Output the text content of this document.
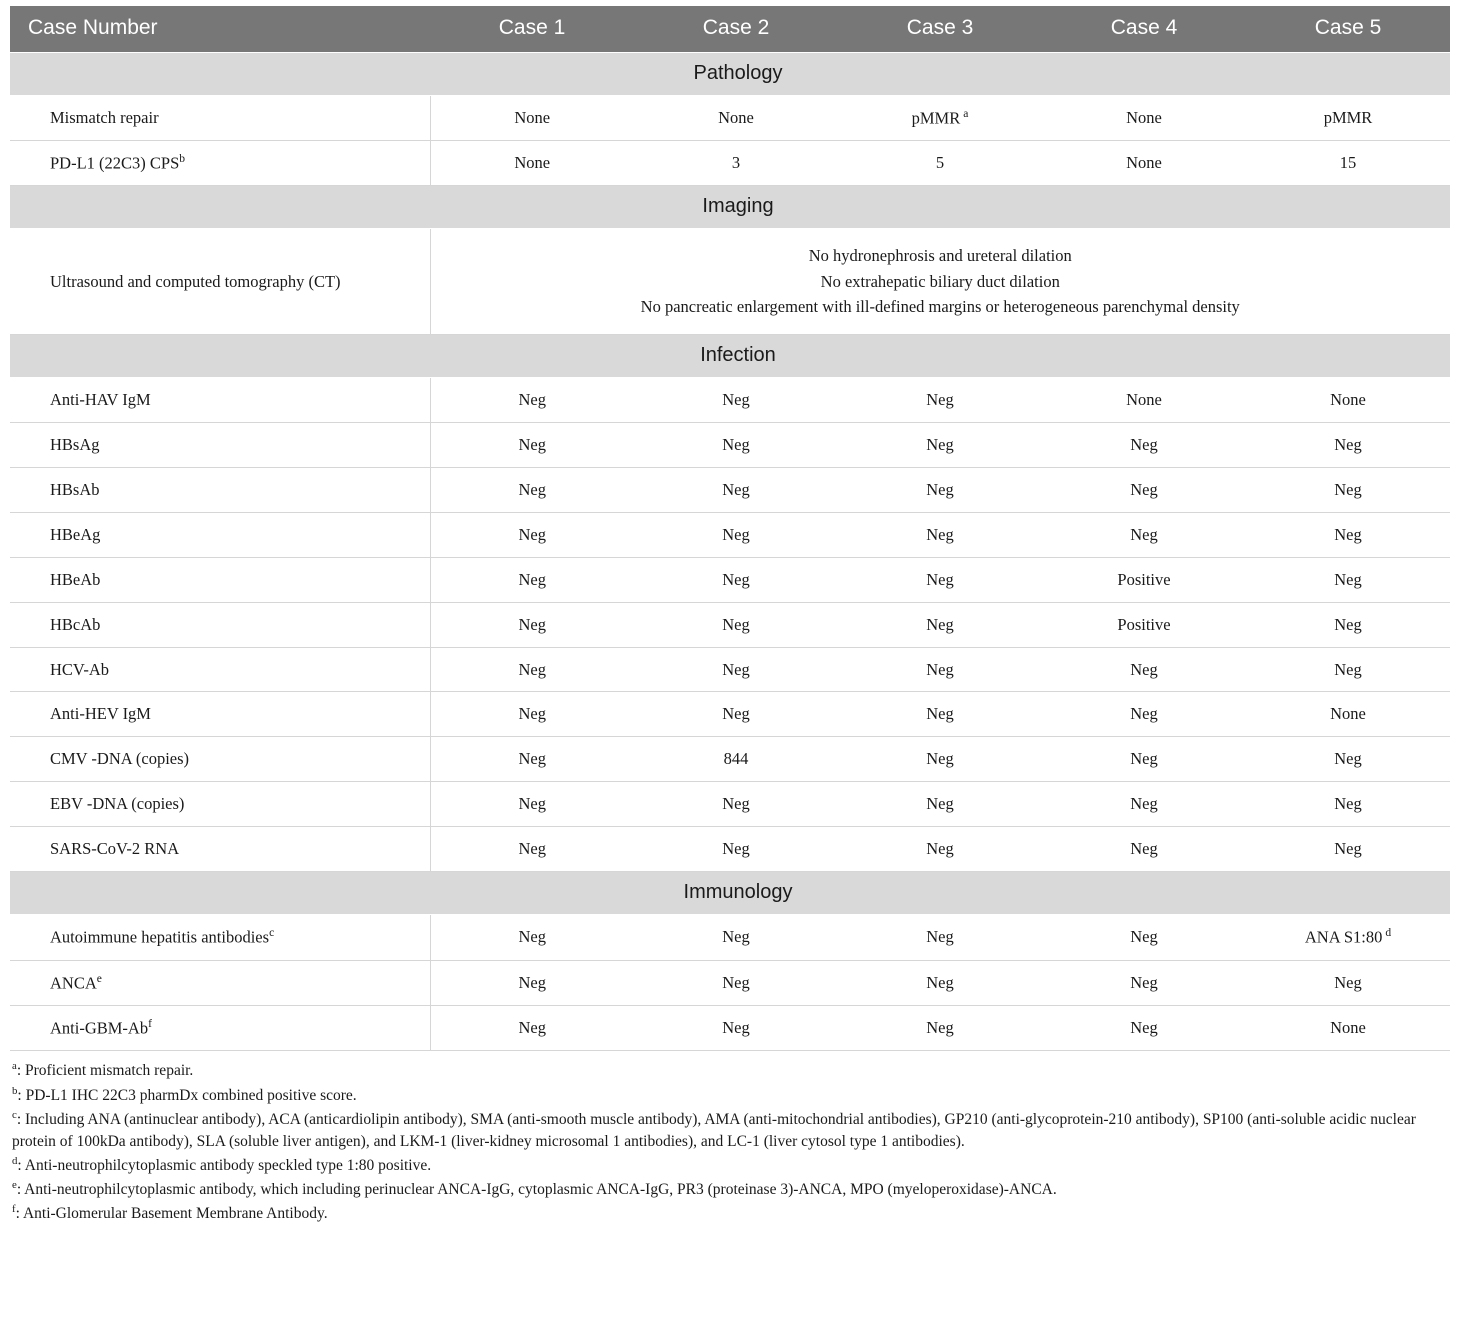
Case Number	Case 1	Case 2	Case 3	Case 4	Case 5
Pathology					
Mismatch repair	None	None	pMMR $^a$	None	pMMR
PD-L1 (22C3) CPS$^b$	None	3	5	None	15
Imaging					
Ultrasound and computed tomography (CT)	No hydronephrosis and ureteral dilation
No extrahepatic biliary duct dilation
No pancreatic enlargement with ill-defined margins or heterogeneous parenchymal density				
Infection					
Anti-HAV IgM	Neg	Neg	Neg	None	None
HBsAg	Neg	Neg	Neg	Neg	Neg
HBsAb	Neg	Neg	Neg	Neg	Neg
HBeAg	Neg	Neg	Neg	Neg	Neg
HBeAb	Neg	Neg	Neg	Positive	Neg
HBcAb	Neg	Neg	Neg	Positive	Neg
HCV-Ab	Neg	Neg	Neg	Neg	Neg
Anti-HEV IgM	Neg	Neg	Neg	Neg	None
CMV -DNA (copies)	Neg	844	Neg	Neg	Neg
EBV -DNA (copies)	Neg	Neg	Neg	Neg	Neg
SARS-CoV-2 RNA	Neg	Neg	Neg	Neg	Neg
Immunology					
Autoimmune hepatitis antibodies$^c$	Neg	Neg	Neg	Neg	ANA S1:80 $^d$
ANCA$^e$	Neg	Neg	Neg	Neg	Neg
Anti-GBM-Ab$^f$	Neg	Neg	Neg	Neg	None
$^a$: Proficient mismatch repair.
$^b$: PD-L1 IHC 22C3 pharmDx combined positive score.
$^c$: Including ANA (antinuclear antibody), ACA (anticardiolipin antibody), SMA (anti-smooth muscle antibody), AMA (anti-mitochondrial antibodies), GP210 (anti-glycoprotein-210 antibody), SP100 (anti-soluble acidic nuclear protein of 100kDa antibody), SLA (soluble liver antigen), and LKM-1 (liver-kidney microsomal 1 antibodies), and LC-1 (liver cytosol type 1 antibodies).
$^d$: Anti-neutrophilcytoplasmic antibody speckled type 1:80 positive.
$^e$: Anti-neutrophilcytoplasmic antibody, which including perinuclear ANCA-IgG, cytoplasmic ANCA-IgG, PR3 (proteinase 3)-ANCA, MPO (myeloperoxidase)-ANCA.
$^f$: Anti-Glomerular Basement Membrane Antibody.
